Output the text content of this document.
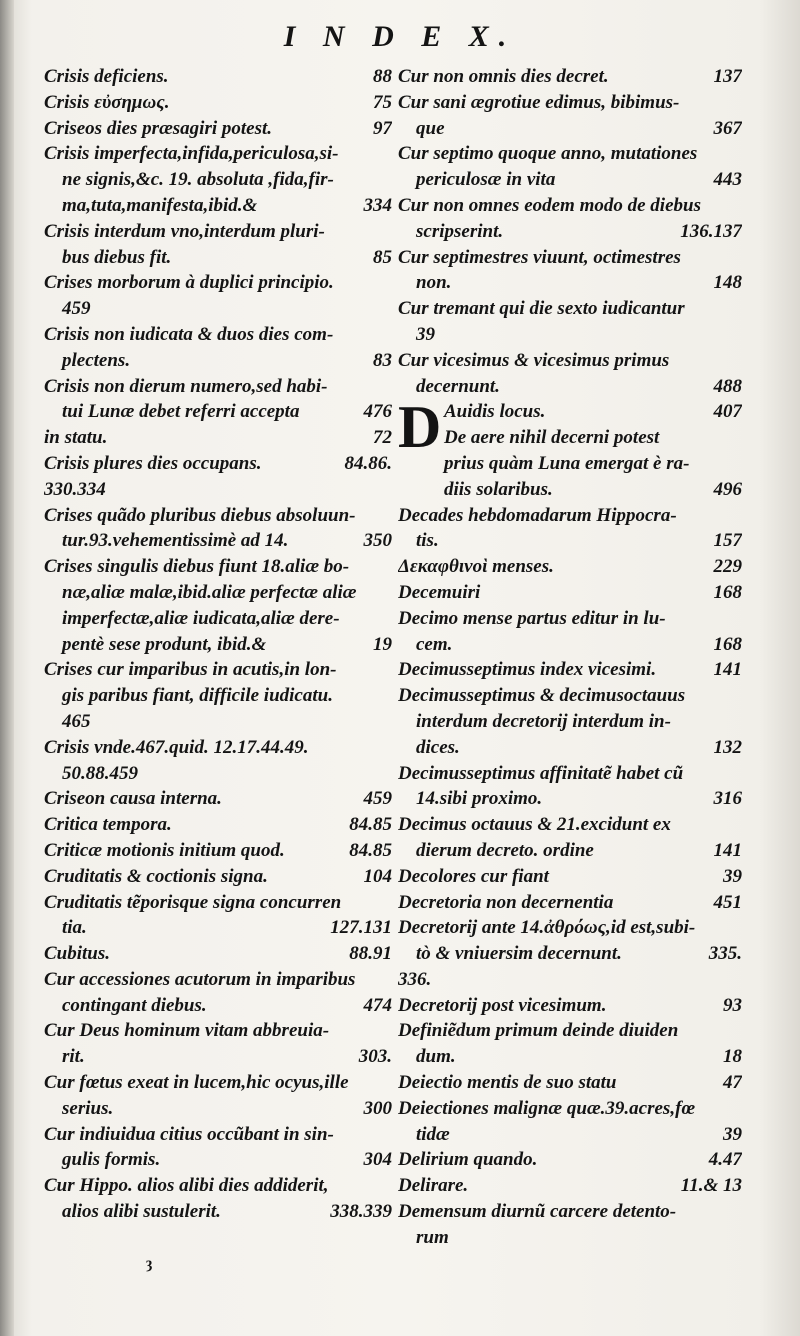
I N D E X.
Crisis deficiens.	88
Crisis εὐσημως.	75
Criseos dies præsagiri potest.	97
Crisis imperfecta,infida,periculosa,si-
ne signis,&c. 19. absoluta ,fida,fir-
ma,tuta,manifesta,ibid.&	334
Crisis interdum vno,interdum pluri-
bus diebus fit.	85
Crises morborum à duplici principio.
459
Crisis non iudicata & duos dies com-
plectens.	83
Crisis non dierum numero,sed habi-
tui Lunæ debet referri accepta	476
in statu.	72
Crisis plures dies occupans.	84.86.
330.334
Crises quãdo pluribus diebus absoluun-
tur.93.vehementissimè ad 14.	350
Crises singulis diebus fiunt 18.aliæ bo-
næ,aliæ malæ,ibid.aliæ perfectæ aliæ
imperfectæ,aliæ iudicata,aliæ dere-
pentè sese produnt, ibid.&	19
Crises cur imparibus in acutis,in lon-
gis paribus fiant, difficile iudicatu.
465
Crisis vnde.467.quid. 12.17.44.49.
50.88.459
Criseon causa interna.	459
Critica tempora.	84.85
Criticæ motionis initium quod.	84.85
Cruditatis & coctionis signa.	104
Cruditatis tẽporisque signa concurren
tia.	127.131
Cubitus.	88.91
Cur accessiones acutorum in imparibus
contingant diebus.	474
Cur Deus hominum vitam abbreuia-
rit.	303.
Cur fœtus exeat in lucem,hic ocyus,ille
serius.	300
Cur indiuidua citius occũbant in sin-
gulis formis.	304
Cur Hippo. alios alibi dies addiderit,
alios alibi sustulerit.	338.339
Cur non omnis dies decret.	137
Cur sani ægrotiue edimus, bibimus-
que	367
Cur septimo quoque anno, mutationes
periculosæ in vita	443
Cur non omnes eodem modo de diebus
scripserint.	136.137
Cur septimestres viuunt, octimestres
non.	148
Cur tremant qui die sexto iudicantur
39
Cur vicesimus & vicesimus primus
decernunt.	488
D Auidis locus.	407
De aere nihil decerni potest
prius quàm Luna emergat è ra-
diis solaribus.	496
Decades hebdomadarum Hippocra-
tis.	157
Δεκαφθινοὶ menses.	229
Decemuiri	168
Decimo mense partus editur in lu-
cem.	168
Decimusseptimus index vicesimi.	141
Decimusseptimus & decimusoctauus
interdum decretorij interdum in-
dices.	132
Decimusseptimus affinitatẽ habet cũ
14.sibi proximo.	316
Decimus octauus & 21.excidunt ex
dierum decreto. ordine	141
Decolores cur fiant	39
Decretoria non decernentia	451
Decretorij ante 14.ἀθρόως,id est,subi-
tò & vniuersim decernunt.	335.
336.
Decretorij post vicesimum.	93
Definiẽdum primum deinde diuiden
dum.	18
Deiectio mentis de suo statu	47
Deiectiones malignæ quæ.39.acres,fœ
tidæ	39
Delirium quando.	4.47
Delirare.	11.& 13
Demensum diurnũ carcere detento-
rum
ȝ
